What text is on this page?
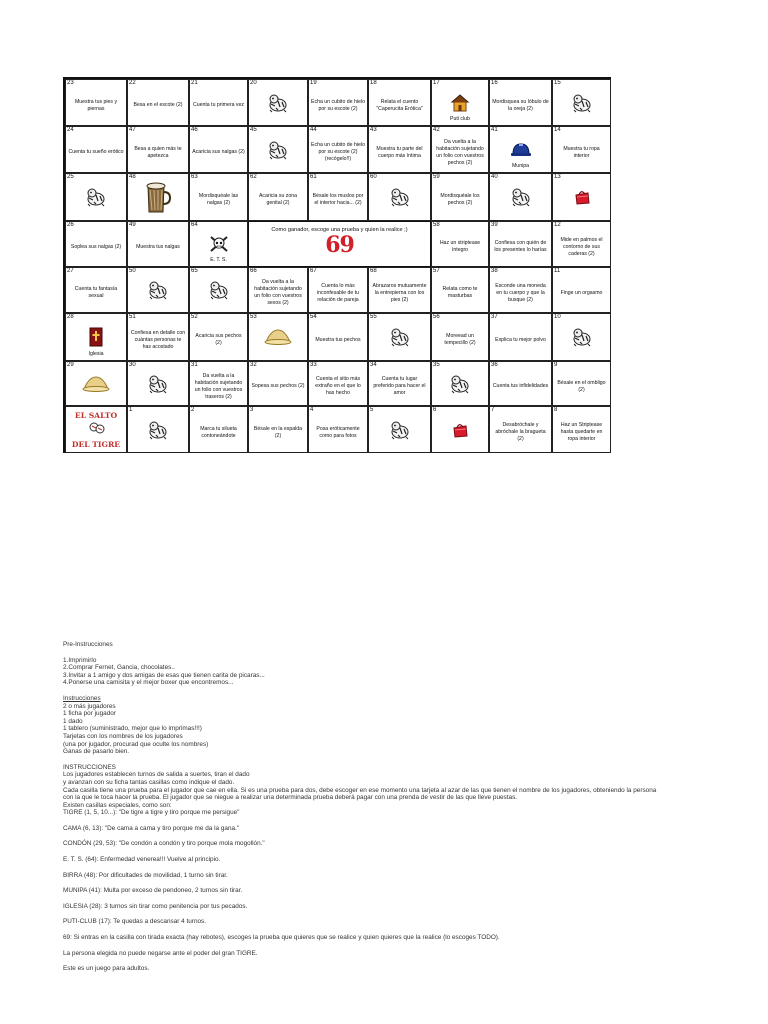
23
Muestra tus pies y piernas
22
Besa en el escote (2)
21
Cuenta tu primera vez
20	19
Echa un cubito de hielo por su escote (2)
18
Relata el cuento "Caperucita Erótica"
17
Puti club
16
Mordisquea su lóbulo de la oreja (2)
15
24
Cuenta tu sueño erótico
47
Besa a quien más te apetezca
46
Acaricia sus nalgas (2)
45	44
Echa un cubito de hielo por su escote (2) (recógelo!!)
43
Muestra tu parte del cuerpo más íntima
42
Da vuelta a la habitación sujetando un folio con vuestros pechos (2)
41
Munipa
14
Muestra tu ropa interior
25	48	63
Mordisquéale las nalgas (2)
62
Acaricia su zona genital (2)
61
Bésale los muslos por el interior hacia... (2)
60	59
Mordisquéale los pechos (2)
40	13
26
Soplea sus nalgas (2)
49
Muestra tus nalgas
64
E. T. S.
58
Haz un striptease íntegro
39
Confiesa con quién de los presentes lo harías
12
Mide en palmos el contorno de sus caderas (2)
27
Cuenta tu fantasía sexual
50	65	66
Da vuelta a la habitación sujetando un folio con vuestros sexos (2)
67
Cuenta lo más inconfesable de tu relación de pareja
68
Abrazaros mutuamente la entrepierna con los pies (2)
57
Relata como te masturbas
38
Esconde una moneda en tu cuerpo y que la busque (2)
11
Finge un orgasmo
28
Iglesia
51
Confiesa en detalle con cuántas personas te has acostado
52
Acaricia sus pechos (2)
53	54
Muestra tus pechos
55	56
Moreead un tempecillo (2)
37
Explica tu mejor polvo
10
29	30	31
Da vuelta a la habitación sujetando un folio con vuestros traseros (2)
32
Sopesa sus pechos (2)
33
Cuenta el sitio más extraño en el que lo has hecho
34
Cuenta tu lugar preferido para hacer el amor
35	36
Cuenta tus infidelidades
9
Bésale en el ombligo (2)
1	2
Marca tu silueta contoneándote
3
Bésale en la espalda (2)
4
Posa eróticamente como para fotos
5	6	7
Desabróchale y abróchale la bragueta (2)
8
Haz un Striptease hasta quedarte en ropa interior
Como ganador, escoge una prueba y quien la realice ;)
69
EL SALTO
DEL TIGRE

Pre-Instrucciones

1.Imprimirlo

2.Comprar Fernet, Gancia, chocolates..

3.Invitar a 1 amigo y dos amigas de esas que tienen carita de picaras...

4.Ponerse una camisita y el mejor boxer que encontremos...

Instrucciones

2 o más jugadores

1 ficha por jugador

1 dado

1 tablero (suministrado, mejor que lo imprimas!!!)

Tarjetas con los nombres de los jugadores

(una por jugador, procurad que oculte los nombres)

Ganas de pasarlo bien.

INSTRUCCIONES

Los jugadores establecen turnos de salida a suertes, tiran el dado

y avanzan con su ficha tantas casillas como indique el dado.

Cada casilla tiene una prueba para el jugador que cae en ella. Si es una prueba para dos, debe escoger en ese momento una tarjeta al azar de las que tienen el nombre de los jugadores, obteniendo la persona

con la que le toca hacer la prueba. El jugador que se niegue a realizar una determinada prueba deberá pagar con una prenda de vestir de las que lleve puestas.

Existen casillas especiales, como son:

TIGRE (1, 5, 10...): "De tigre a tigre y tiro porque me persigue"

CAMA (6, 13): "De cama a cama y tiro porque me da la gana."

CONDÓN (29, 53): "De condón a condón y tiro porque mola mogollón."

E. T. S. (64): Enfermedad venerea!!! Vuelve al principio.

BIRRA (48): Por dificultades de movilidad, 1 turno sin tirar.

MUNIPA (41): Multa por exceso de pendoneo, 2 turnos sin tirar.

IGLESIA (28): 3 turnos sin tirar como penitencia por tus pecados.

PUTI-CLUB (17): Te quedas a descansar 4 turnos.

69: Si entras en la casilla con tirada exacta (hay rebotes), escoges la prueba que quieres que se realice y quien quieres que la realice (lo escoges TODO).

La persona elegida no puede negarse ante el poder del gran TIGRE.

Este es un juego para adultos.
